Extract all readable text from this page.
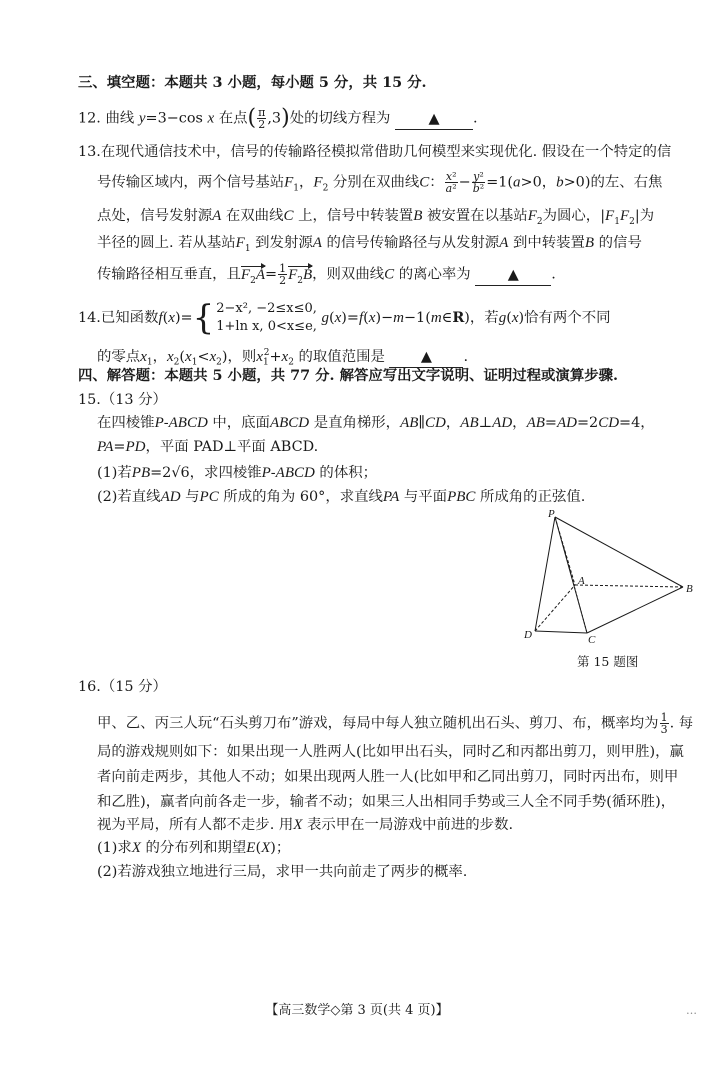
三、填空题：本题共 3 小题，每小题 5 分，共 15 分.
12. 曲线 y=3−cos x 在点( $\frac{\pi}{2} ,3$)处的切线方程为	▲ .
13.在现代通信技术中，信号的传输路径模拟常借助几何模型来实现优化. 假设在一个特定的信
号传输区域内，两个信号基站$F_1$，$F_2$ 分别在双曲线C： $\frac{\text{x²}}{\text{a²}} - \frac{\text{y²}}{\text{b²}} =1(a>0$，b>0)的左、右焦
点处，信号发射源A 在双曲线C 上，信号中转装置B 被安置在以基站$F_2$为圆心，$|F_1F_2|$为
半径的圆上. 若从基站$F_1$ 到发射源A 的信号传输路径与从发射源A 到中转装置B 的信号
传输路径相互垂直，且$F_2A= \frac{1}{2} F_2B$，则双曲线C 的离心率为	▲ .
14.已知函数f(x)={ 2−x², −2≤x≤0,
1+ln x, 0<x≤e,
g(x)=f(x)−m−1(m∈R)，若g(x)恰有两个不同
的零点$x_1$，$x_2(x_1<x_2)$，则$x_1^2+x_2$ 的取值范围是	▲ .
四、解答题：本题共 5 小题，共 77 分. 解答应写出文字说明、证明过程或演算步骤.
15.（13 分）
在四棱锥P-ABCD 中，底面ABCD 是直角梯形，AB∥CD，AB⊥AD，AB=AD=2CD=4，
PA=PD，平面 PAD⊥平面 ABCD.
(1)若PB=2√6，求四棱锥P-ABCD 的体积；
(2)若直线AD 与PC 所成的角为 60°，求直线PA 与平面PBC 所成角的正弦值.
P
A
B
C
D
第 15 题图
16.（15 分）
甲、乙、丙三人玩“石头剪刀布”游戏，每局中每人独立随机出石头、剪刀、布，概率均为 $\frac{1}{3}$ . 每
局的游戏规则如下：如果出现一人胜两人(比如甲出石头，同时乙和丙都出剪刀，则甲胜)，赢
者向前走两步，其他人不动；如果出现两人胜一人(比如甲和乙同出剪刀，同时丙出布，则甲
和乙胜)，赢者向前各走一步，输者不动；如果三人出相同手势或三人全不同手势(循环胜)，
视为平局，所有人都不走步. 用X 表示甲在一局游戏中前进的步数.
(1)求X 的分布列和期望E(X)；
(2)若游戏独立地进行三局，求甲一共向前走了两步的概率.
【高三数学◇第 3 页(共 4 页)】	…
